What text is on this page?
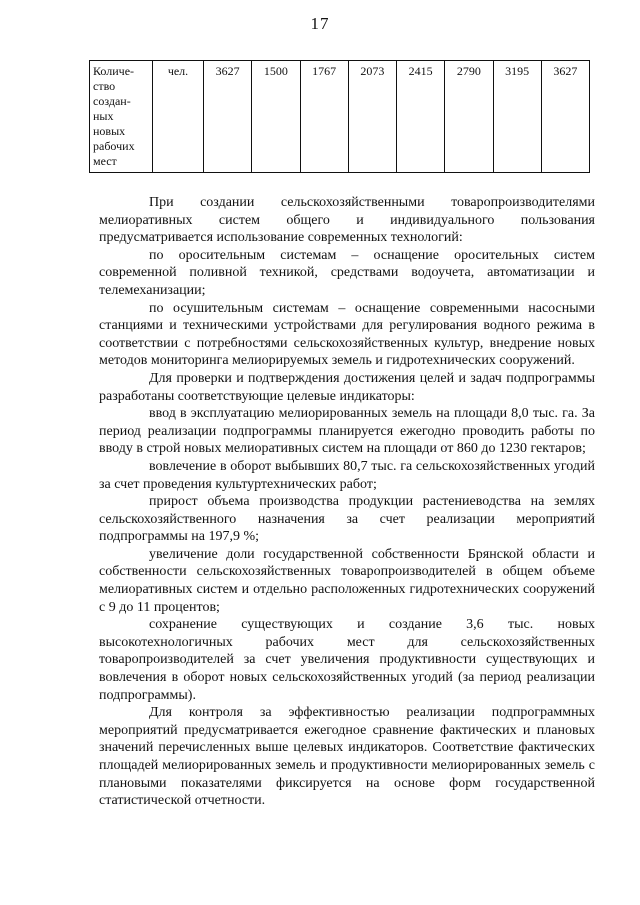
17
Количе-
ство
создан-
ных
новых
рабочих
мест
	чел.	3627	1500	1767	2073	2415	2790	3195	3627

При создании сельскохозяйственными товаропроизводителями мелиоративных систем общего и индивидуального пользования предусматривается использование современных технологий:

по оросительным системам – оснащение оросительных систем современной поливной техникой, средствами водоучета, автоматизации и телемеханизации;

по осушительным системам – оснащение современными насосными станциями и техническими устройствами для регулирования водного режима в соответствии с потребностями сельскохозяйственных культур, внедрение новых методов мониторинга мелиорируемых земель и гидротехнических сооружений.

Для проверки и подтверждения достижения целей и задач подпрограммы разработаны соответствующие целевые индикаторы:

ввод в эксплуатацию мелиорированных земель на площади 8,0 тыс. га. За период реализации подпрограммы планируется ежегодно проводить работы по вводу в строй новых мелиоративных систем на площади от 860 до 1230 гектаров;

вовлечение в оборот выбывших 80,7 тыс. га сельскохозяйственных угодий за счет проведения культуртехнических работ;

прирост объема производства продукции растениеводства на землях сельскохозяйственного назначения за счет реализации мероприятий подпрограммы на 197,9 %;

увеличение доли государственной собственности Брянской области и собственности сельскохозяйственных товаропроизводителей в общем объеме мелиоративных систем и отдельно расположенных гидротехнических сооружений с 9 до 11 процентов;

сохранение существующих и создание 3,6 тыс. новых высокотехнологичных рабочих мест для сельскохозяйственных товаропроизводителей за счет увеличения продуктивности существующих и вовлечения в оборот новых сельскохозяйственных угодий (за период реализации подпрограммы).

Для контроля за эффективностью реализации подпрограммных мероприятий предусматривается ежегодное сравнение фактических и плановых значений перечисленных выше целевых индикаторов. Соответствие фактических площадей мелиорированных земель и продуктивности мелиорированных земель с плановыми показателями фиксируется на основе форм государственной статистической отчетности.
